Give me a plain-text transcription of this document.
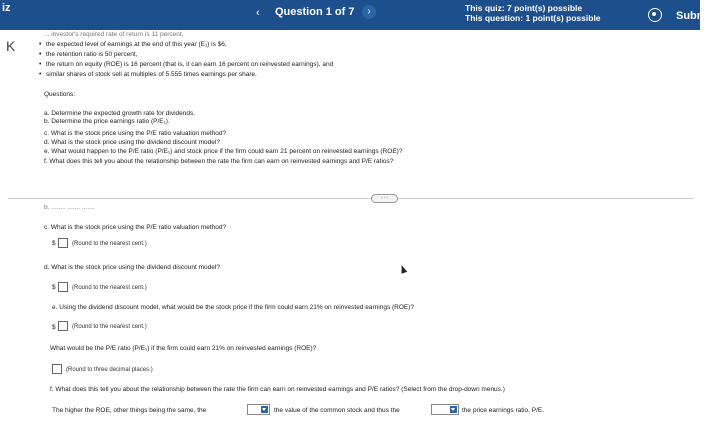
iz	‹ Question 1 of 7	›	This quiz: 7 point(s) possible
This question: 1 point(s) possible	Subm
K
... investor's required rate of return is 11 percent,
• the expected level of earnings at the end of this year (E₁) is $6,
• the retention ratio is 50 percent,
• the return on equity (ROE) is 16 percent (that is, it can earn 16 percent on reinvested earnings), and
• similar shares of stock sell at multiples of 5.555 times earnings per share.
Questions:
a. Determine the expected growth rate for dividends.
b. Determine the price earnings ratio (P/E₁).
c. What is the stock price using the P/E ratio valuation method?
d. What is the stock price using the dividend discount model?
e. What would happen to the P/E ratio (P/E₁) and stock price if the firm could earn 21 percent on reinvested earnings (ROE)?
f. What does this tell you about the relationship between the rate the firm can earn on reinvested earnings and P/E ratios?
·····
b. ........ ....... .......
c. What is the stock price using the P/E ratio valuation method?
$	(Round to the nearest cent.)
d. What is the stock price using the dividend discount model?
$	(Round to the nearest cent.)
e. Using the dividend discount model, what would be the stock price if the firm could earn 21% on reinvested earnings (ROE)?
$	(Round to the nearest cent.)
What would be the P/E ratio (P/E₁) if the firm could earn 21% on reinvested earnings (ROE)?
(Round to three decimal places.)
f. What does this tell you about the relationship between the rate the firm can earn on reinvested earnings and P/E ratios? (Select from the drop-down menus.)
The higher the ROE, other things being the same, the	the value of the common stock and thus the	the price earnings ratio, P/E.
